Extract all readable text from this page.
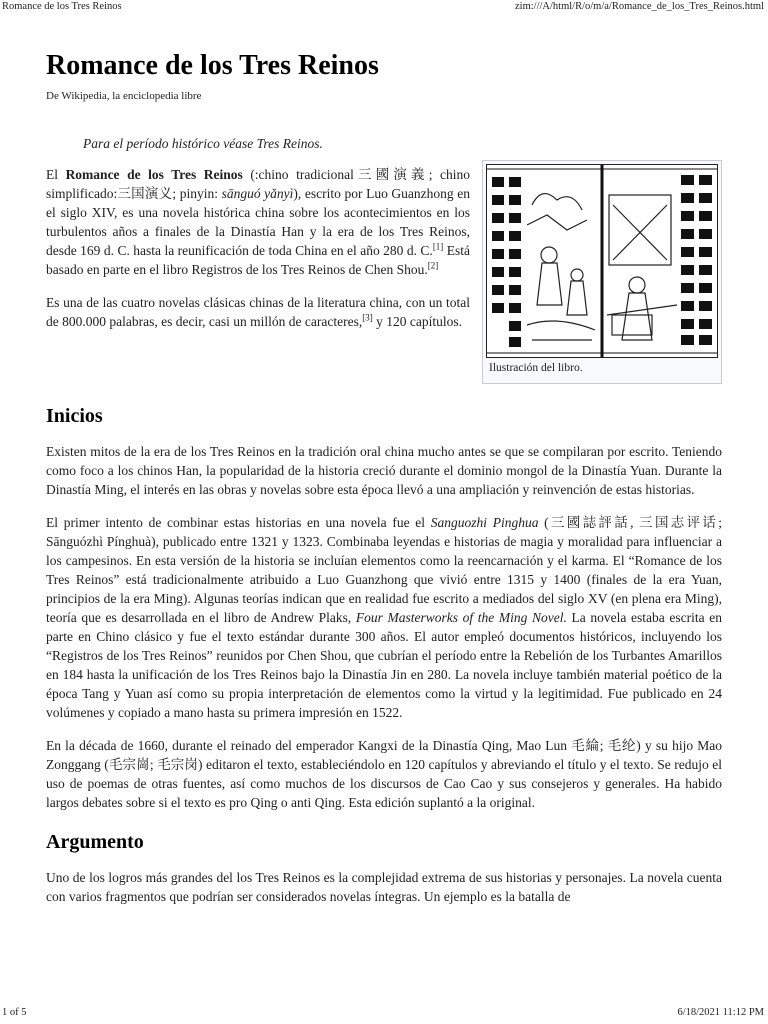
Romance de los Tres Reinos	zim:///A/html/R/o/m/a/Romance_de_los_Tres_Reinos.html
Romance de los Tres Reinos
De Wikipedia, la enciclopedia libre
Para el período histórico véase Tres Reinos.
Ilustración del libro.

El Romance de los Tres Reinos (:chino tradicional三國演義; chino simplificado:三国演义; pinyin: sānguó yǎnyì), escrito por Luo Guanzhong en el siglo XIV, es una novela histórica china sobre los acontecimientos en los turbulentos años a finales de la Dinastía Han y la era de los Tres Reinos, desde 169 d. C. hasta la reunificación de toda China en el año 280 d. C.[1] Está basado en parte en el libro Registros de los Tres Reinos de Chen Shou.[2]

Es una de las cuatro novelas clásicas chinas de la literatura china, con un total de 800.000 palabras, es decir, casi un millón de caracteres,[3] y 120 capítulos.

Inicios

Existen mitos de la era de los Tres Reinos en la tradición oral china mucho antes se que se compilaran por escrito. Teniendo como foco a los chinos Han, la popularidad de la historia creció durante el dominio mongol de la Dinastía Yuan. Durante la Dinastía Ming, el interés en las obras y novelas sobre esta época llevó a una ampliación y reinvención de estas historias.

El primer intento de combinar estas historias en una novela fue el Sanguozhi Pinghua (三國誌評話, 三国志评话; Sānguózhì Pínghuà), publicado entre 1321 y 1323. Combinaba leyendas e historias de magia y moralidad para influenciar a los campesinos. En esta versión de la historia se incluían elementos como la reencarnación y el karma. El “Romance de los Tres Reinos” está tradicionalmente atribuido a Luo Guanzhong que vivió entre 1315 y 1400 (finales de la era Yuan, principios de la era Ming). Algunas teorías indican que en realidad fue escrito a mediados del siglo XV (en plena era Ming), teoría que es desarrollada en el libro de Andrew Plaks, Four Masterworks of the Ming Novel. La novela estaba escrita en parte en Chino clásico y fue el texto estándar durante 300 años. El autor empleó documentos históricos, incluyendo los “Registros de los Tres Reinos” reunidos por Chen Shou, que cubrían el período entre la Rebelión de los Turbantes Amarillos en 184 hasta la unificación de los Tres Reinos bajo la Dinastía Jin en 280. La novela incluye también material poético de la época Tang y Yuan así como su propia interpretación de elementos como la virtud y la legitimidad. Fue publicado en 24 volúmenes y copiado a mano hasta su primera impresión en 1522.

En la década de 1660, durante el reinado del emperador Kangxi de la Dinastía Qing, Mao Lun 毛綸; 毛纶) y su hijo Mao Zonggang (毛宗崗; 毛宗岗) editaron el texto, estableciéndolo en 120 capítulos y abreviando el título y el texto. Se redujo el uso de poemas de otras fuentes, así como muchos de los discursos de Cao Cao y sus consejeros y generales. Ha habido largos debates sobre si el texto es pro Qing o anti Qing. Esta edición suplantó a la original.

Argumento

Uno de los logros más grandes del los Tres Reinos es la complejidad extrema de sus historias y personajes. La novela cuenta con varios fragmentos que podrían ser considerados novelas íntegras. Un ejemplo es la batalla de

1 of 5	6/18/2021 11:12 PM
